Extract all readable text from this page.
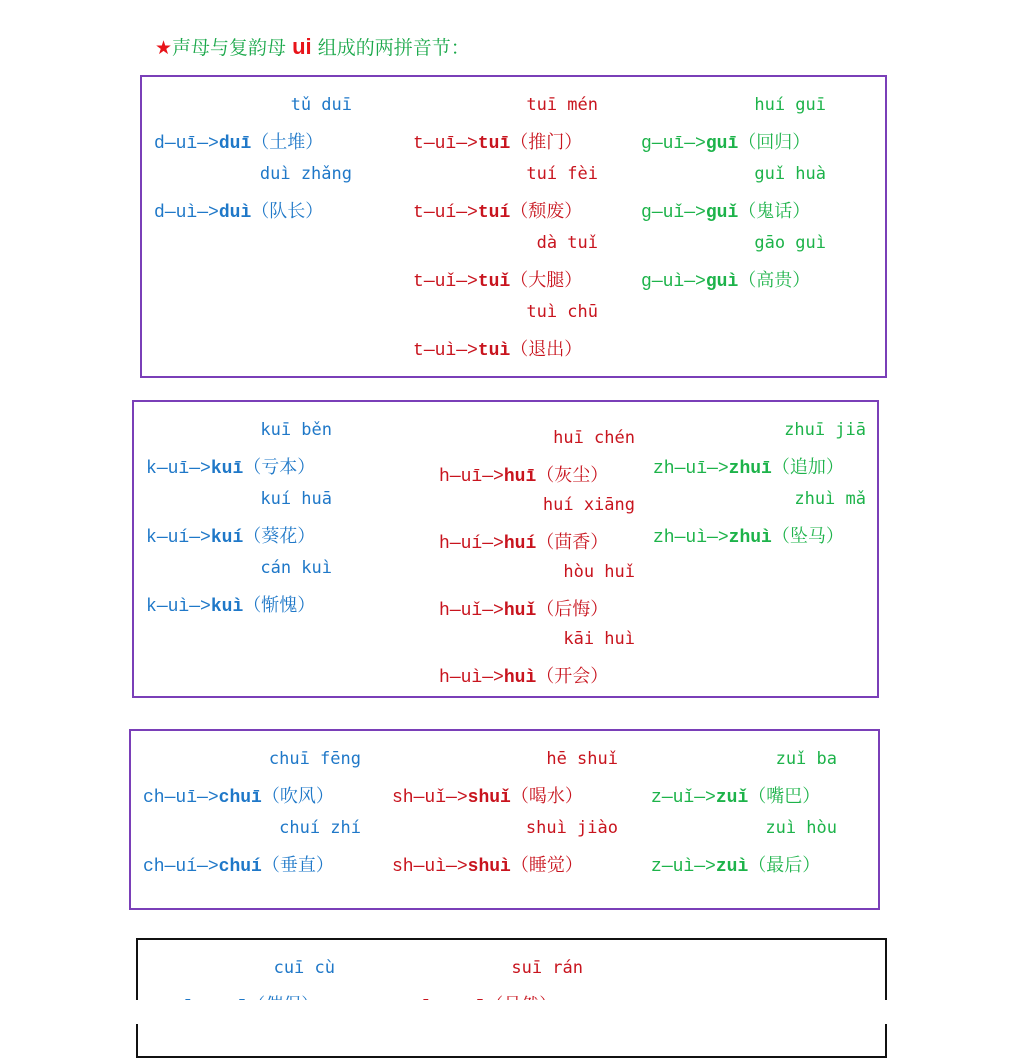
★声母与复韵母 ui 组成的两拼音节：
tǔ duī
d—uī—>duī（土堆）
duì zhǎng
d—uì—>duì（队长）
tuī mén
t—uī—>tuī（推门）
tuí fèi
t—uí—>tuí（颓废）
dà tuǐ
t—uǐ—>tuǐ（大腿）
tuì chū
t—uì—>tuì（退出）
huí guī
g—uī—>guī（回归）
guǐ huà
g—uǐ—>guǐ（鬼话）
gāo guì
g—uì—>guì（高贵）
kuī běn
k—uī—>kuī（亏本）
kuí huā
k—uí—>kuí（葵花）
cán kuì
k—uì—>kuì（惭愧）
huī chén
h—uī—>huī（灰尘）
huí xiāng
h—uí—>huí（茴香）
hòu huǐ
h—uǐ—>huǐ（后悔）
kāi huì
h—uì—>huì（开会）
zhuī jiā
zh—uī—>zhuī（追加）
zhuì mǎ
zh—uì—>zhuì（坠马）
chuī fēng
ch—uī—>chuī（吹风）
chuí zhí
ch—uí—>chuí（垂直）
hē shuǐ
sh—uǐ—>shuǐ（喝水）
shuì jiào
sh—uì—>shuì（睡觉）
zuǐ ba
z—uǐ—>zuǐ（嘴巴）
zuì hòu
z—uì—>zuì（最后）
cuī cù	suī rán
